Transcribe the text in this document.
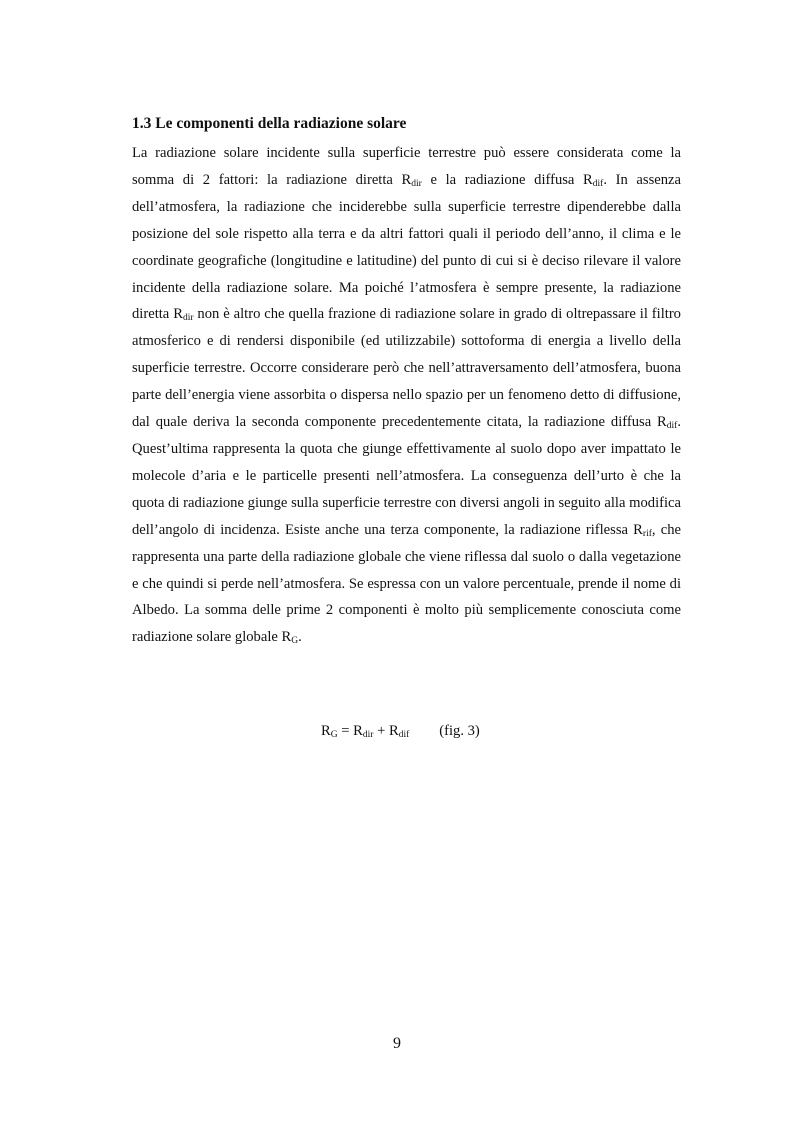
1.3 Le componenti della radiazione solare

La radiazione solare incidente sulla superficie terrestre può essere considerata come la somma di 2 fattori: la radiazione diretta $R_{dir}$ e la radiazione diffusa $R_{dif}$. In assenza dell’atmosfera, la radiazione che inciderebbe sulla superficie terrestre dipenderebbe dalla posizione del sole rispetto alla terra e da altri fattori quali il periodo dell’anno, il clima e le coordinate geografiche (longitudine e latitudine) del punto di cui si è deciso rilevare il valore incidente della radiazione solare. Ma poiché l’atmosfera è sempre presente, la radiazione diretta $R_{dir}$ non è altro che quella frazione di radiazione solare in grado di oltrepassare il filtro atmosferico e di rendersi disponibile (ed utilizzabile) sottoforma di energia a livello della superficie terrestre. Occorre considerare però che nell’attraversamento dell’atmosfera, buona parte dell’energia viene assorbita o dispersa nello spazio per un fenomeno detto di diffusione, dal quale deriva la seconda componente precedentemente citata, la radiazione diffusa $R_{dif}$. Quest’ultima rappresenta la quota che giunge effettivamente al suolo dopo aver impattato le molecole d’aria e le particelle presenti nell’atmosfera. La conseguenza dell’urto è che la quota di radiazione giunge sulla superficie terrestre con diversi angoli in seguito alla modifica dell’angolo di incidenza. Esiste anche una terza componente, la radiazione riflessa $R_{rif}$, che rappresenta una parte della radiazione globale che viene riflessa dal suolo o dalla vegetazione e che quindi si perde nell’atmosfera. Se espressa con un valore percentuale, prende il nome di Albedo. La somma delle prime 2 componenti è molto più semplicemente conosciuta come radiazione solare globale $R_G$.

$R_G = R_{dir} + R_{dif}$ (fig. 3)
9
